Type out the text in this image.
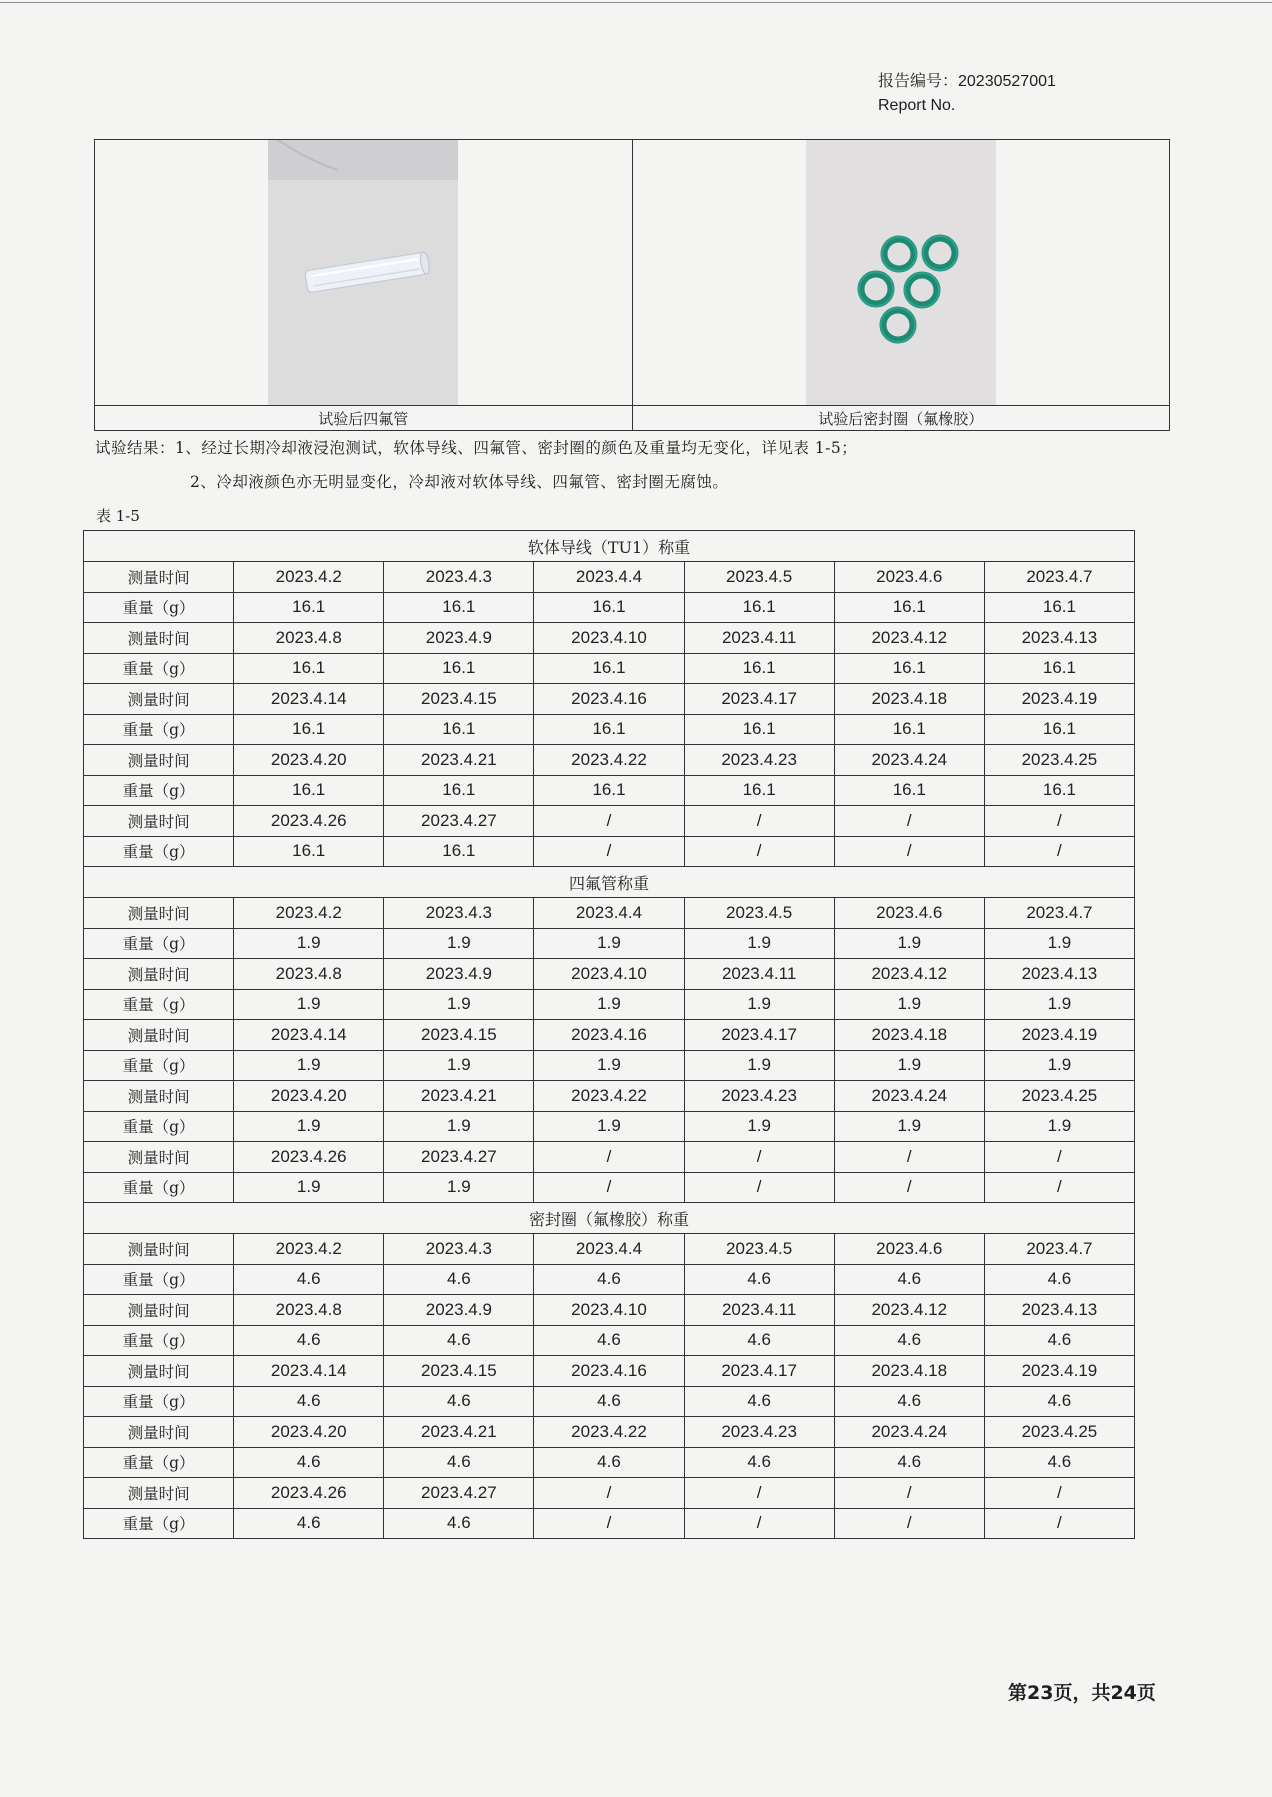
报告编号：20230527001
Report No.

试验后四氟管	试验后密封圈（氟橡胶）
试验结果：1、经过长期冷却液浸泡测试，软体导线、四氟管、密封圈的颜色及重量均无变化，详见表 1-5；
2、冷却液颜色亦无明显变化，冷却液对软体导线、四氟管、密封圈无腐蚀。
表 1-5
软体导线（TU1）称重						
测量时间	2023.4.2	2023.4.3	2023.4.4	2023.4.5	2023.4.6	2023.4.7
重量（g）	16.1	16.1	16.1	16.1	16.1	16.1
测量时间	2023.4.8	2023.4.9	2023.4.10	2023.4.11	2023.4.12	2023.4.13
重量（g）	16.1	16.1	16.1	16.1	16.1	16.1
测量时间	2023.4.14	2023.4.15	2023.4.16	2023.4.17	2023.4.18	2023.4.19
重量（g）	16.1	16.1	16.1	16.1	16.1	16.1
测量时间	2023.4.20	2023.4.21	2023.4.22	2023.4.23	2023.4.24	2023.4.25
重量（g）	16.1	16.1	16.1	16.1	16.1	16.1
测量时间	2023.4.26	2023.4.27	/	/	/	/
重量（g）	16.1	16.1	/	/	/	/
四氟管称重						
测量时间	2023.4.2	2023.4.3	2023.4.4	2023.4.5	2023.4.6	2023.4.7
重量（g）	1.9	1.9	1.9	1.9	1.9	1.9
测量时间	2023.4.8	2023.4.9	2023.4.10	2023.4.11	2023.4.12	2023.4.13
重量（g）	1.9	1.9	1.9	1.9	1.9	1.9
测量时间	2023.4.14	2023.4.15	2023.4.16	2023.4.17	2023.4.18	2023.4.19
重量（g）	1.9	1.9	1.9	1.9	1.9	1.9
测量时间	2023.4.20	2023.4.21	2023.4.22	2023.4.23	2023.4.24	2023.4.25
重量（g）	1.9	1.9	1.9	1.9	1.9	1.9
测量时间	2023.4.26	2023.4.27	/	/	/	/
重量（g）	1.9	1.9	/	/	/	/
密封圈（氟橡胶）称重						
测量时间	2023.4.2	2023.4.3	2023.4.4	2023.4.5	2023.4.6	2023.4.7
重量（g）	4.6	4.6	4.6	4.6	4.6	4.6
测量时间	2023.4.8	2023.4.9	2023.4.10	2023.4.11	2023.4.12	2023.4.13
重量（g）	4.6	4.6	4.6	4.6	4.6	4.6
测量时间	2023.4.14	2023.4.15	2023.4.16	2023.4.17	2023.4.18	2023.4.19
重量（g）	4.6	4.6	4.6	4.6	4.6	4.6
测量时间	2023.4.20	2023.4.21	2023.4.22	2023.4.23	2023.4.24	2023.4.25
重量（g）	4.6	4.6	4.6	4.6	4.6	4.6
测量时间	2023.4.26	2023.4.27	/	/	/	/
重量（g）	4.6	4.6	/	/	/	/
第23页，共24页
